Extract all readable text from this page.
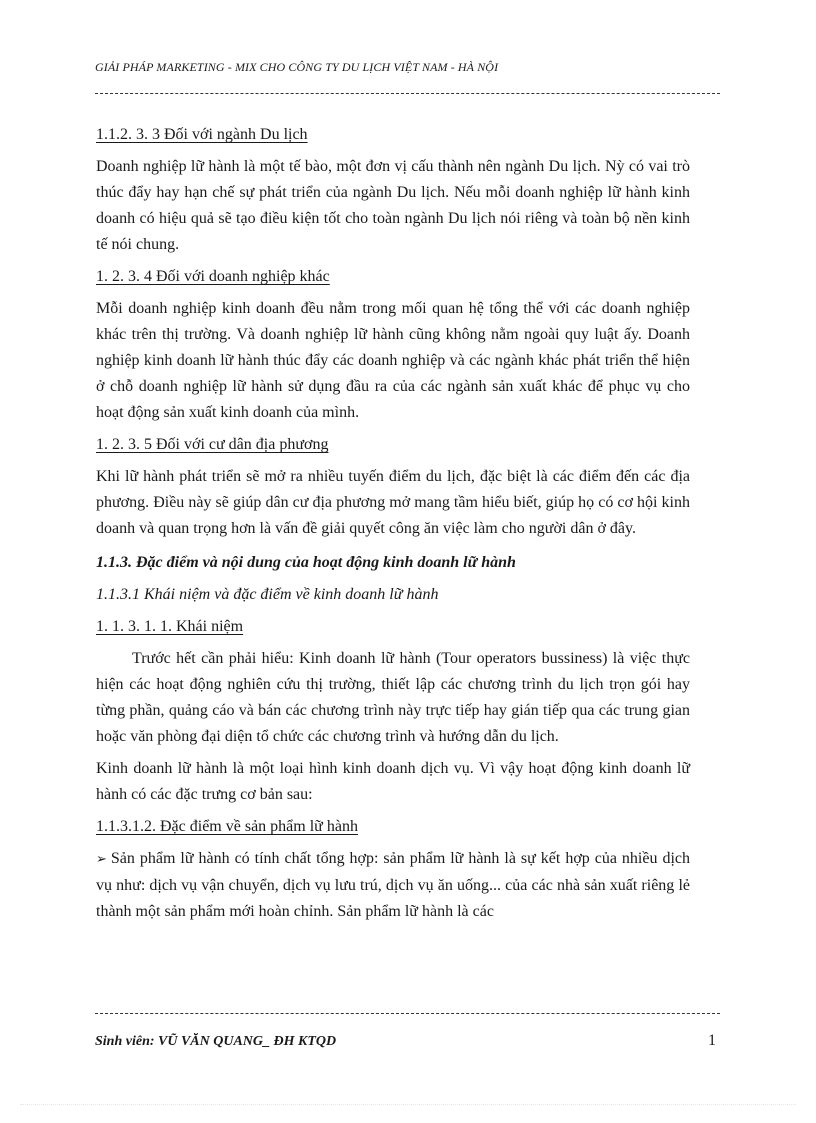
GIẢI PHÁP MARKETING - MIX CHO CÔNG TY DU LỊCH VIỆT NAM - HÀ NỘI

1.1.2. 3. 3 Đối với ngành Du lịch

Doanh nghiệp lữ hành là một tế bào, một đơn vị cấu thành nên ngành Du lịch. Nỳ có vai trò thúc đẩy hay hạn chế sự phát triển của ngành Du lịch. Nếu mỗi doanh nghiệp lữ hành kinh doanh có hiệu quả sẽ tạo điều kiện tốt cho toàn ngành Du lịch nói riêng và toàn bộ nền kinh tế nói chung.

1. 2. 3. 4 Đối với doanh nghiệp khác

Mỗi doanh nghiệp kinh doanh đều nằm trong mối quan hệ tổng thể với các doanh nghiệp khác trên thị trường. Và doanh nghiệp lữ hành cũng không nằm ngoài quy luật ấy. Doanh nghiệp kinh doanh lữ hành thúc đẩy các doanh nghiệp và các ngành khác phát triển thể hiện ở chỗ doanh nghiệp lữ hành sử dụng đầu ra của các ngành sản xuất khác để phục vụ cho hoạt động sản xuất kinh doanh của mình.

1. 2. 3. 5 Đối với cư dân địa phương

Khi lữ hành phát triển sẽ mở ra nhiều tuyến điểm du lịch, đặc biệt là các điểm đến các địa phương. Điều này sẽ giúp dân cư địa phương mở mang tầm hiểu biết, giúp họ có cơ hội kinh doanh và quan trọng hơn là vấn đề giải quyết công ăn việc làm cho người dân ở đây.

1.1.3. Đặc điểm và nội dung của hoạt động kinh doanh lữ hành

1.1.3.1 Khái niệm và đặc điểm về kinh doanh lữ hành

1. 1. 3. 1. 1. Khái niệm

Trước hết cần phải hiểu: Kinh doanh lữ hành (Tour operators bussiness) là việc thực hiện các hoạt động nghiên cứu thị trường, thiết lập các chương trình du lịch trọn gói hay từng phần, quảng cáo và bán các chương trình này trực tiếp hay gián tiếp qua các trung gian hoặc văn phòng đại diện tổ chức các chương trình và hướng dẫn du lịch.

Kinh doanh lữ hành là một loại hình kinh doanh dịch vụ. Vì vậy hoạt động kinh doanh lữ hành có các đặc trưng cơ bản sau:

1.1.3.1.2. Đặc điểm về sản phẩm lữ hành

➢ Sản phẩm lữ hành có tính chất tổng hợp: sản phẩm lữ hành là sự kết hợp của nhiều dịch vụ như: dịch vụ vận chuyển, dịch vụ lưu trú, dịch vụ ăn uống... của các nhà sản xuất riêng lẻ thành một sản phẩm mới hoàn chỉnh. Sản phẩm lữ hành là các

Sinh viên: VŨ VĂN QUANG_ ĐH KTQD	1
